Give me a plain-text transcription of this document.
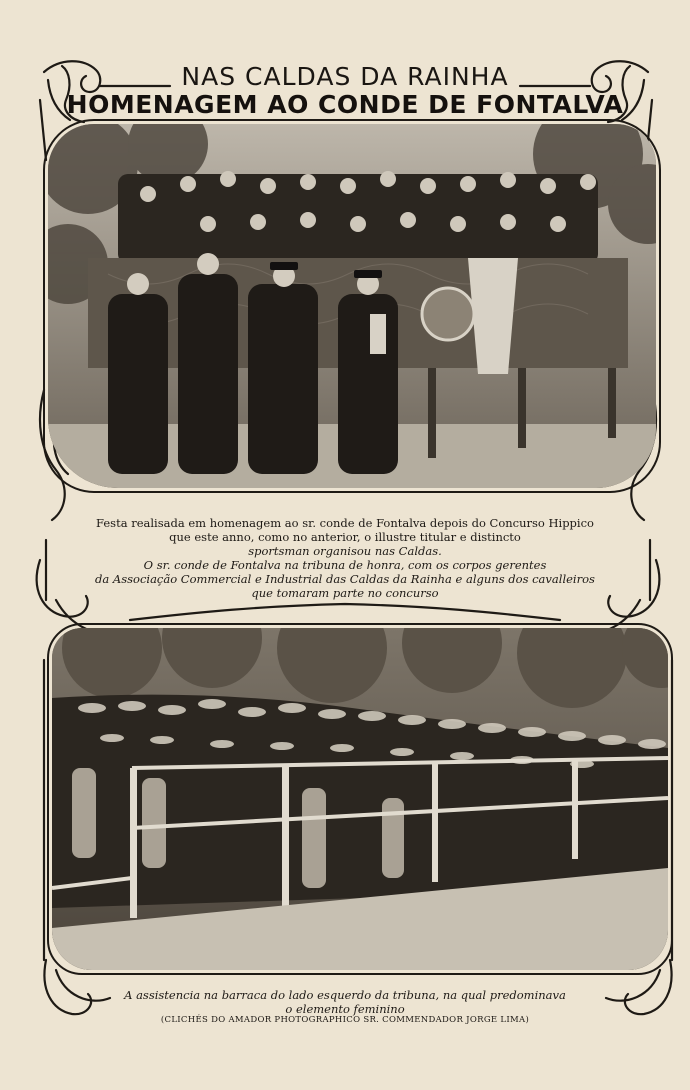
NAS CALDAS DA RAINHA
HOMENAGEM AO CONDE DE FONTALVA
Festa realisada em homenagem ao sr. conde de Fontalva depois do Concurso Hippico
que este anno, como no anterior, o illustre titular e distincto
sportsman organisou nas Caldas.
O sr. conde de Fontalva na tribuna de honra, com os corpos gerentes
da Associação Commercial e Industrial das Caldas da Rainha e alguns dos cavalleiros
que tomaram parte no concurso
A assistencia na barraca do lado esquerdo da tribuna, na qual predominava
o elemento feminino
(CLICHÉS DO AMADOR PHOTOGRAPHICO SR. COMMENDADOR JORGE LIMA)
